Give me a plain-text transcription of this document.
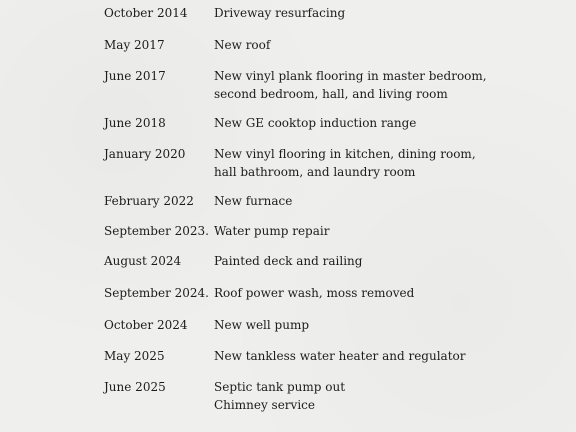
October 2014 Driveway resurfacing
May 2017	New roof
June 2017	New vinyl plank flooring in master bedroom,
second bedroom, hall, and living room
June 2018	New GE cooktop induction range
January 2020 New vinyl flooring in kitchen, dining room,
hall bathroom, and laundry room
February 2022 New furnace
September 2023. Water pump repair
August 2024	Painted deck and railing
September 2024. Roof power wash, moss removed
October 2024 New well pump
May 2025	New tankless water heater and regulator
June 2025	Septic tank pump out
Chimney service
